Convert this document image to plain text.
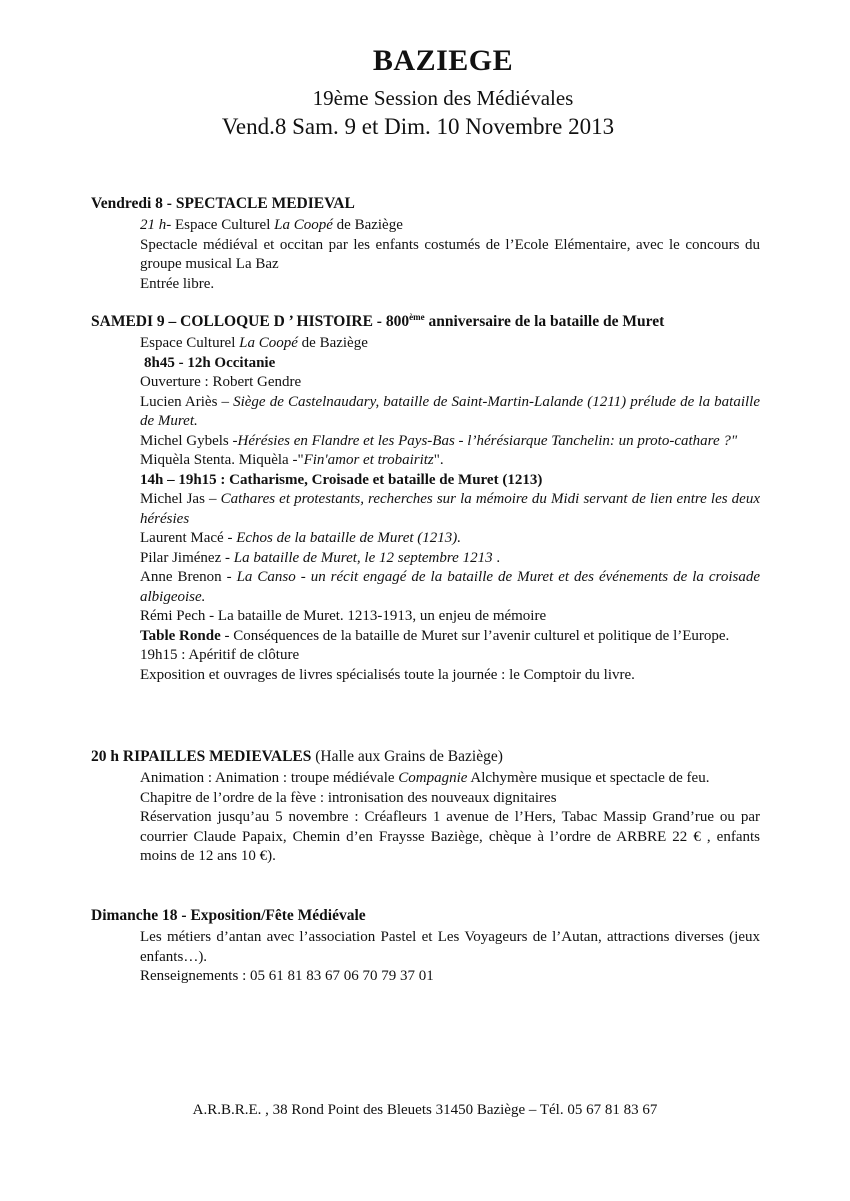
BAZIEGE
19ème Session des Médiévales
Vend.8 Sam. 9 et Dim. 10 Novembre 2013
Vendredi 8 - SPECTACLE MEDIEVAL
21 h- Espace Culturel La Coopé de Baziège
Spectacle médiéval et occitan par les enfants costumés de l’Ecole Elémentaire, avec le concours du groupe musical La Baz
Entrée libre.
SAMEDI 9 – COLLOQUE D ’ HISTOIRE - 800ème anniversaire de la bataille de Muret
Espace Culturel La Coopé de Baziège
8h45 - 12h Occitanie
Ouverture : Robert Gendre
Lucien Ariès – Siège de Castelnaudary, bataille de Saint-Martin-Lalande (1211) prélude de la bataille de Muret.
Michel Gybels -Hérésies en Flandre et les Pays-Bas - l’hérésiarque Tanchelin: un proto-cathare ?"
Miquèla Stenta. Miquèla -"Fin'amor et trobairitz".
14h – 19h15 : Catharisme, Croisade et bataille de Muret (1213)
Michel Jas – Cathares et protestants, recherches sur la mémoire du Midi servant de lien entre les deux hérésies
Laurent Macé - Echos de la bataille de Muret (1213).
Pilar Jiménez - La bataille de Muret, le 12 septembre 1213 .
Anne Brenon - La Canso - un récit engagé de la bataille de Muret et des événements de la croisade albigeoise.
Rémi Pech - La bataille de Muret. 1213-1913, un enjeu de mémoire
Table Ronde - Conséquences de la bataille de Muret sur l’avenir culturel et politique de l’Europe.
19h15 : Apéritif de clôture
Exposition et ouvrages de livres spécialisés toute la journée : le Comptoir du livre.
20 h RIPAILLES MEDIEVALES (Halle aux Grains de Baziège)
Animation : Animation : troupe médiévale Compagnie Alchymère musique et spectacle de feu.
Chapitre de l’ordre de la fève : intronisation des nouveaux dignitaires
Réservation jusqu’au 5 novembre : Créafleurs 1 avenue de l’Hers, Tabac Massip Grand’rue ou par courrier Claude Papaix, Chemin d’en Fraysse Baziège, chèque à l’ordre de ARBRE 22 € , enfants moins de 12 ans 10 €).
Dimanche 18 - Exposition/Fête Médiévale
Les métiers d’antan avec l’association Pastel et Les Voyageurs de l’Autan, attractions diverses (jeux enfants…).
Renseignements : 05 61 81 83 67 06 70 79 37 01
A.R.B.R.E. , 38 Rond Point des Bleuets 31450 Baziège – Tél. 05 67 81 83 67
